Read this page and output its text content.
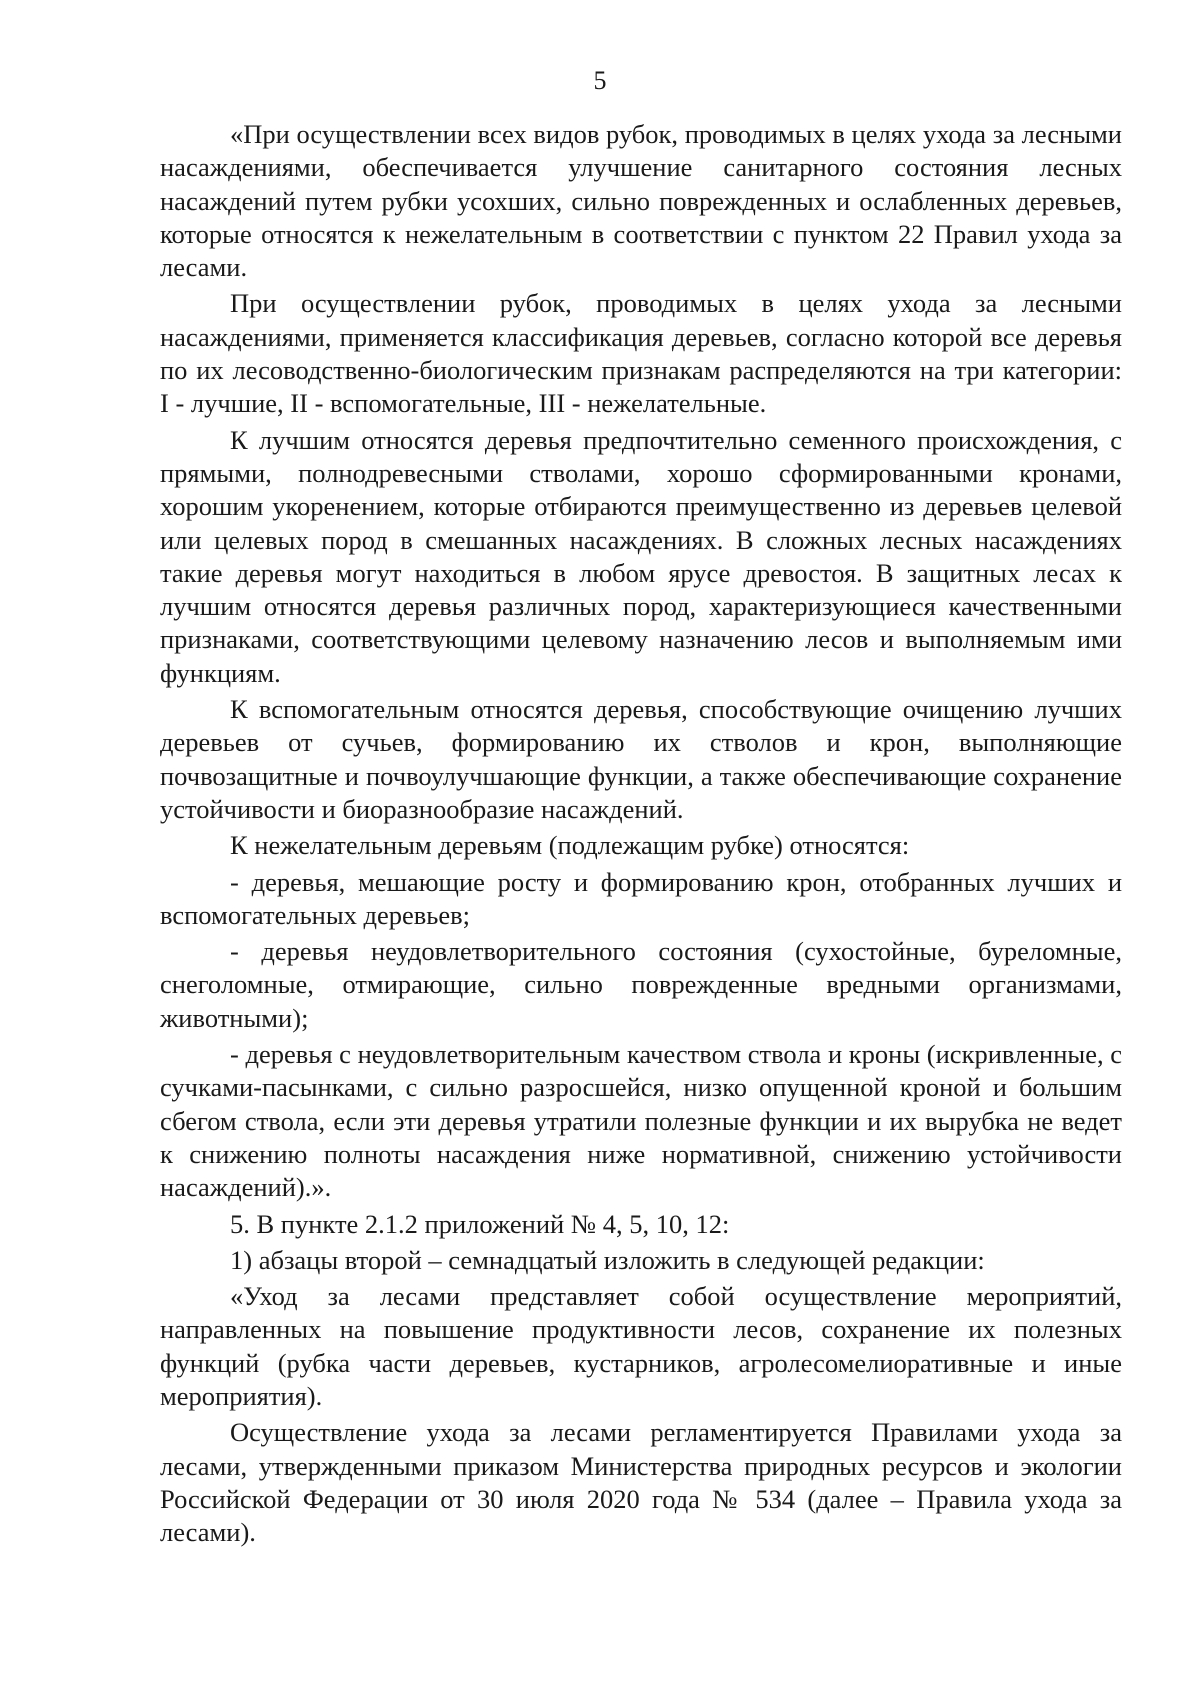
5

«При осуществлении всех видов рубок, проводимых в целях ухода за лесными насаждениями, обеспечивается улучшение санитарного состояния лесных насаждений путем рубки усохших, сильно поврежденных и ослабленных деревьев, которые относятся к нежелательным в соответствии с пунктом 22 Правил ухода за лесами.

При осуществлении рубок, проводимых в целях ухода за лесными насаждениями, применяется классификация деревьев, согласно которой все деревья по их лесоводственно-биологическим признакам распределяются на три категории: I - лучшие, II - вспомогательные, III - нежелательные.

К лучшим относятся деревья предпочтительно семенного происхождения, с прямыми, полнодревесными стволами, хорошо сформированными кронами, хорошим укоренением, которые отбираются преимущественно из деревьев целевой или целевых пород в смешанных насаждениях. В сложных лесных насаждениях такие деревья могут находиться в любом ярусе древостоя. В защитных лесах к лучшим относятся деревья различных пород, характеризующиеся качественными признаками, соответствующими целевому назначению лесов и выполняемым ими функциям.

К вспомогательным относятся деревья, способствующие очищению лучших деревьев от сучьев, формированию их стволов и крон, выполняющие почвозащитные и почвоулучшающие функции, а также обеспечивающие сохранение устойчивости и биоразнообразие насаждений.

К нежелательным деревьям (подлежащим рубке) относятся:

- деревья, мешающие росту и формированию крон, отобранных лучших и вспомогательных деревьев;

- деревья неудовлетворительного состояния (сухостойные, буреломные, снеголомные, отмирающие, сильно поврежденные вредными организмами, животными);

- деревья с неудовлетворительным качеством ствола и кроны (искривленные, с сучками-пасынками, с сильно разросшейся, низко опущенной кроной и большим сбегом ствола, если эти деревья утратили полезные функции и их вырубка не ведет к снижению полноты насаждения ниже нормативной, снижению устойчивости насаждений).».

5. В пункте 2.1.2 приложений № 4, 5, 10, 12:

1) абзацы второй – семнадцатый изложить в следующей редакции:

«Уход за лесами представляет собой осуществление мероприятий, направленных на повышение продуктивности лесов, сохранение их полезных функций (рубка части деревьев, кустарников, агролесомелиоративные и иные мероприятия).

Осуществление ухода за лесами регламентируется Правилами ухода за лесами, утвержденными приказом Министерства природных ресурсов и экологии Российской Федерации от 30 июля 2020 года № 534 (далее – Правила ухода за лесами).
